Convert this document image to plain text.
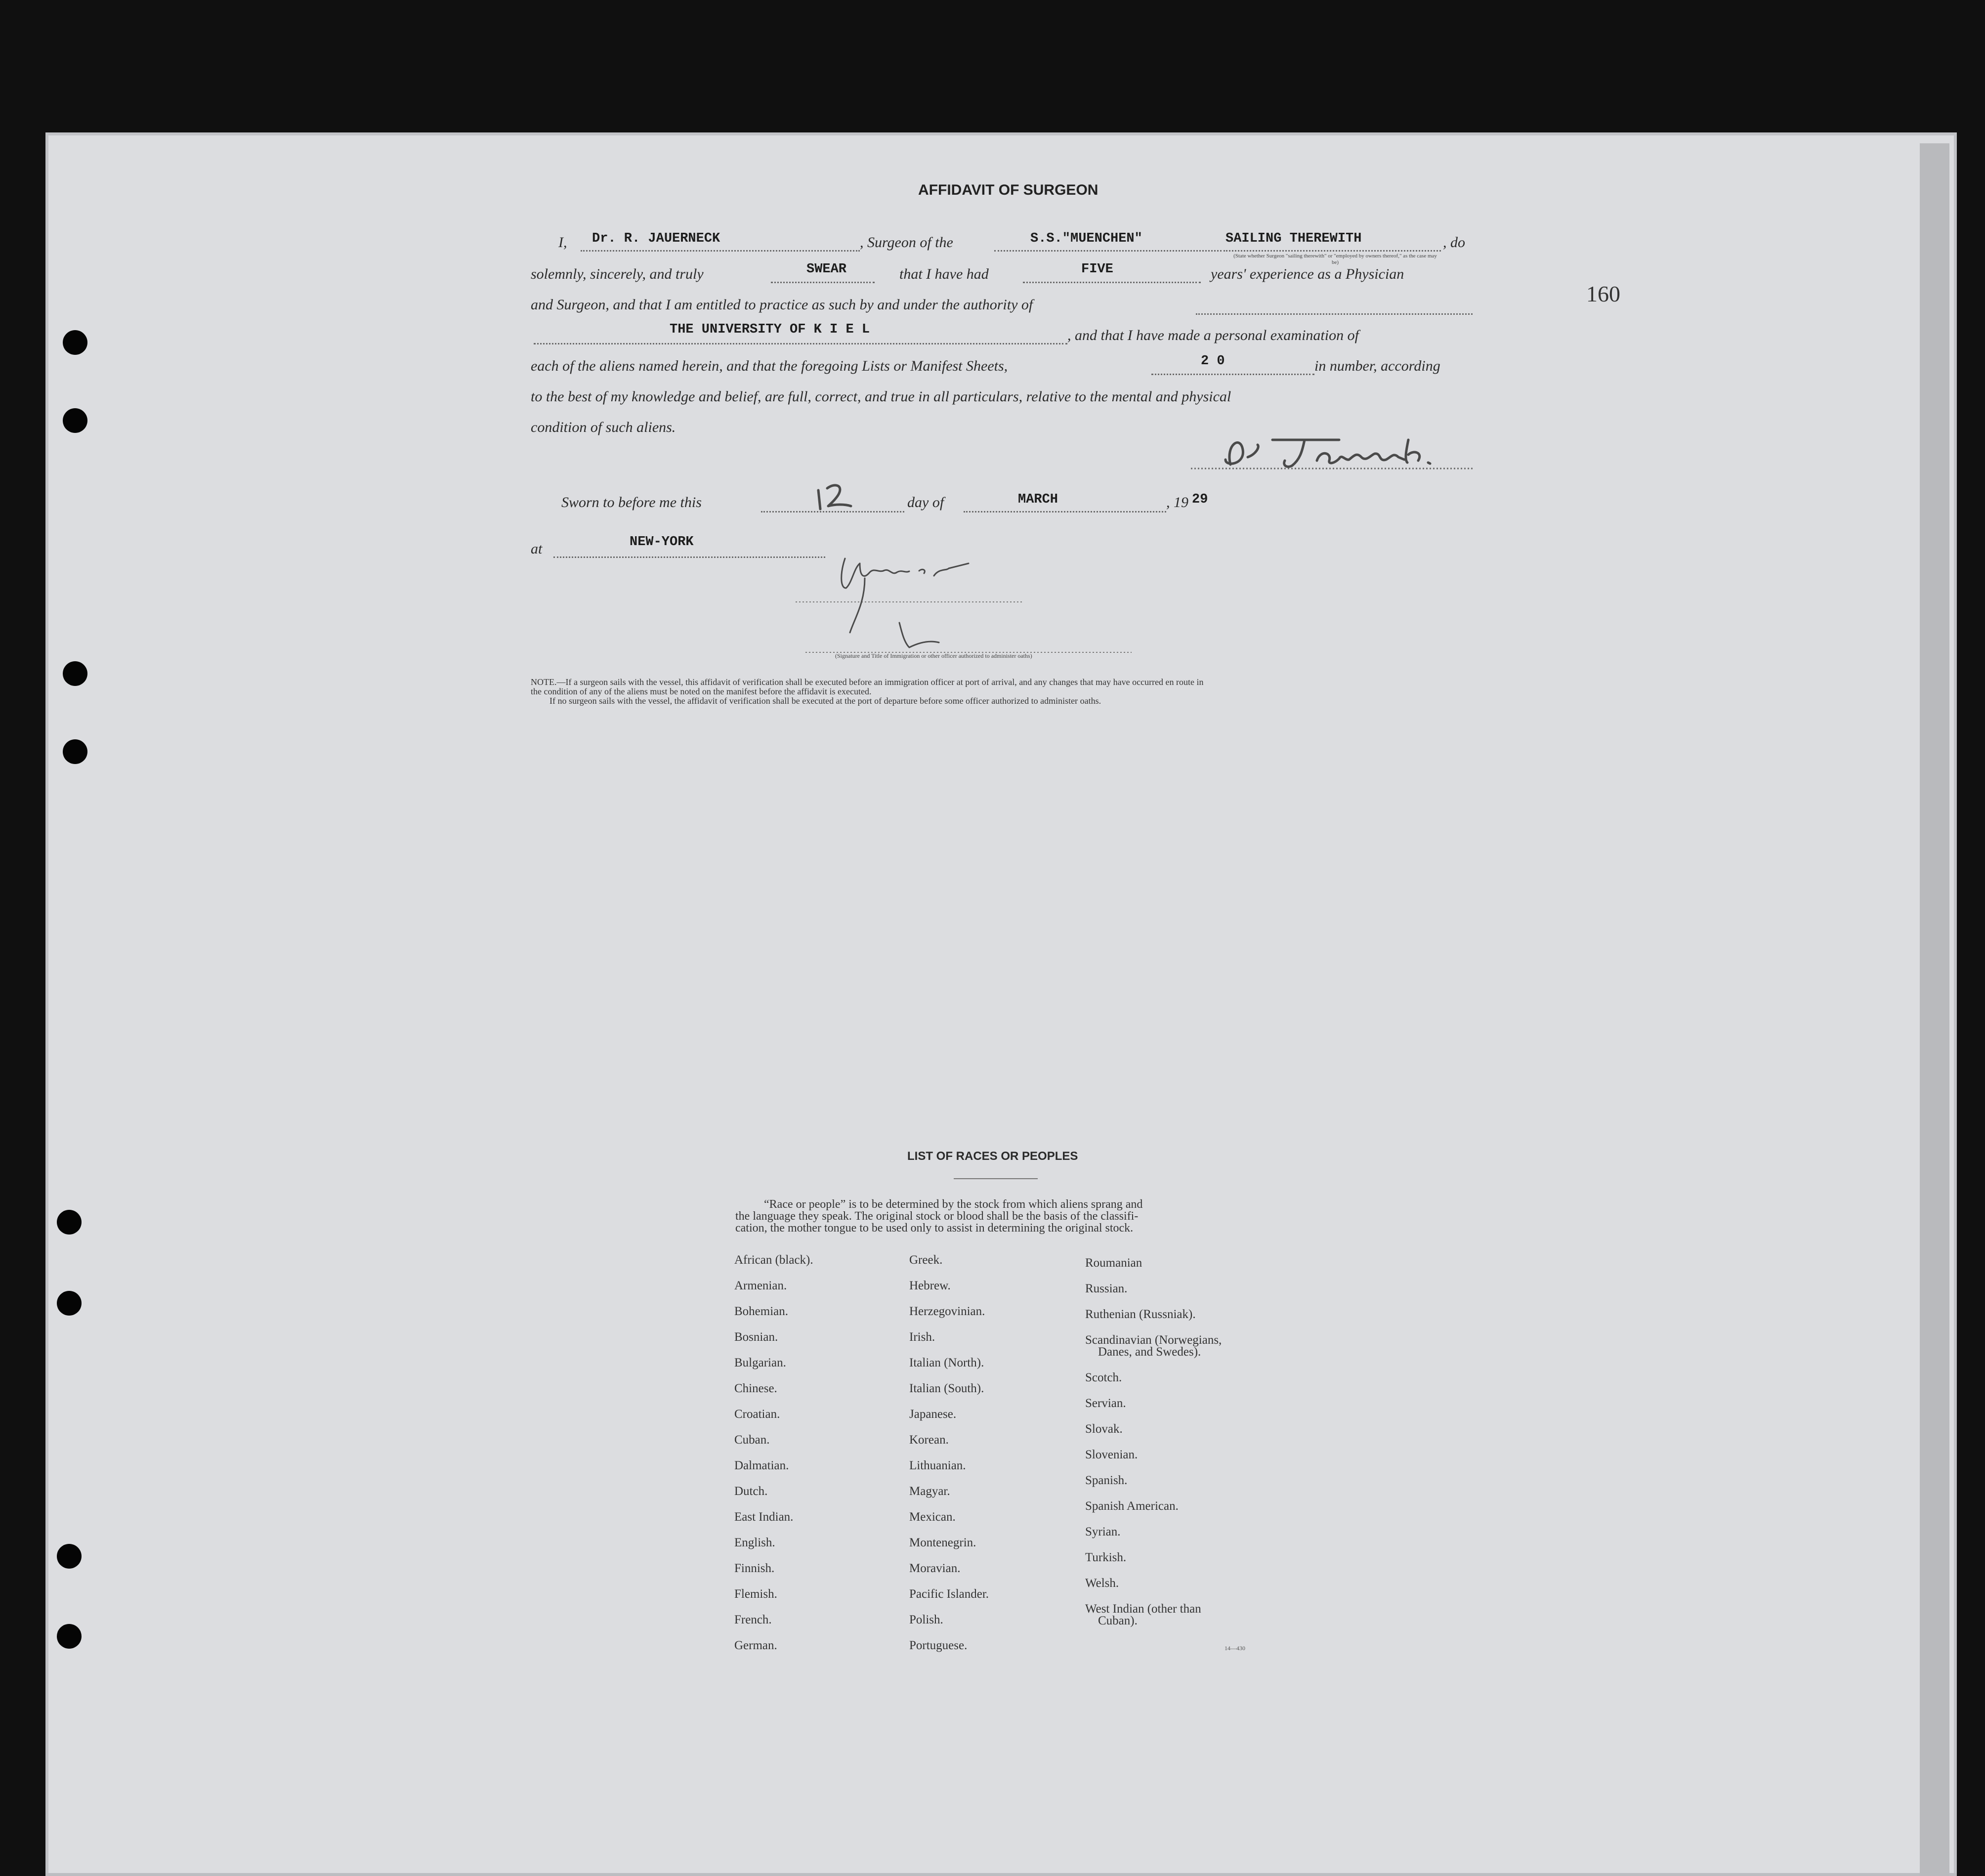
160
AFFIDAVIT OF SURGEON
I, Dr. R. JAUERNECK	, Surgeon of the	S.S."MUENCHEN"	SAILING THEREWITH	, do
(State whether Surgeon "sailing therewith" or "employed by owners thereof," as the case may be)
solemnly, sincerely, and truly	SWEAR	that I have had	FIVE	years' experience as a Physician
and Surgeon, and that I am entitled to practice as such by and under the authority of
THE UNIVERSITY OF K I E L	, and that I have made a personal examination of
each of the aliens named herein, and that the foregoing Lists or Manifest Sheets,	2 0	in number, according
to the best of my knowledge and belief, are full, correct, and true in all particulars, relative to the mental and physical
condition of such aliens.
Sworn to before me this	day of	MARCH	, 19 29
at	NEW-YORK
(Signature and Title of Immigration or other officer authorized to administer oaths)
NOTE.—If a surgeon sails with the vessel, this affidavit of verification shall be executed before an immigration officer at port of arrival, and any changes that may have occurred en route in
the condition of any of the aliens must be noted on the manifest before the affidavit is executed.
If no surgeon sails with the vessel, the affidavit of verification shall be executed at the port of departure before some officer authorized to administer oaths.
LIST OF RACES OR PEOPLES
“Race or people” is to be determined by the stock from which aliens sprang and
the language they speak. The original stock or blood shall be the basis of the classifi-
cation, the mother tongue to be used only to assist in determining the original stock.
African (black).
Armenian.
Bohemian.
Bosnian.
Bulgarian.
Chinese.
Croatian.
Cuban.
Dalmatian.
Dutch.
East Indian.
English.
Finnish.
Flemish.
French.
German.
Greek.
Hebrew.
Herzegovinian.
Irish.
Italian (North).
Italian (South).
Japanese.
Korean.
Lithuanian.
Magyar.
Mexican.
Montenegrin.
Moravian.
Pacific Islander.
Polish.
Portuguese.
Roumanian
Russian.
Ruthenian (Russniak).
Scandinavian (Norwegians,
Danes, and Swedes).
Scotch.
Servian.
Slovak.
Slovenian.
Spanish.
Spanish American.
Syrian.
Turkish.
Welsh.
West Indian (other than
Cuban).
14—430
